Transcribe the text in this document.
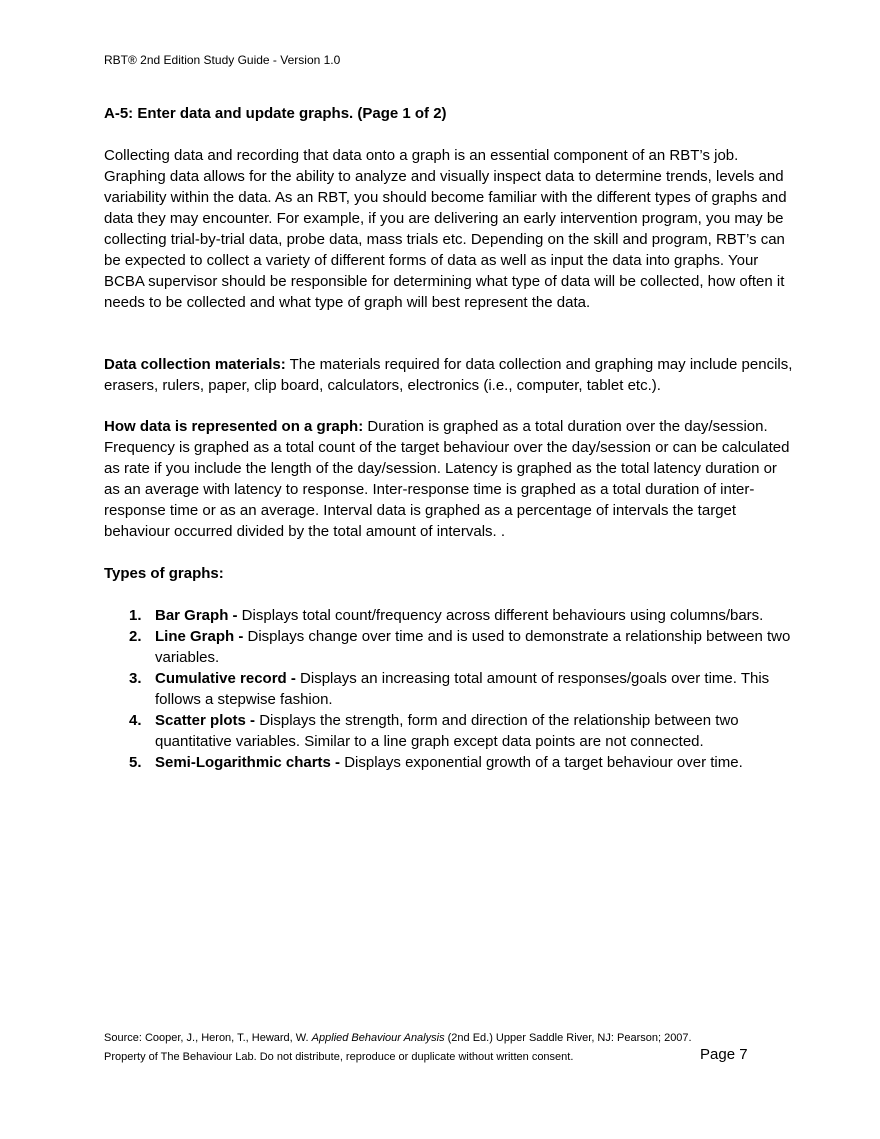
RBT® 2nd Edition Study Guide - Version 1.0
A-5: Enter data and update graphs. (Page 1 of 2)

Collecting data and recording that data onto a graph is an essential component of an RBT’s job. Graphing data allows for the ability to analyze and visually inspect data to determine trends, levels and variability within the data. As an RBT, you should become familiar with the different types of graphs and data they may encounter. For example, if you are delivering an early intervention program, you may be collecting trial-by-trial data, probe data, mass trials etc. Depending on the skill and program, RBT’s can be expected to collect a variety of different forms of data as well as input the data into graphs. Your BCBA supervisor should be responsible for determining what type of data will be collected, how often it needs to be collected and what type of graph will best represent the data.

Data collection materials: The materials required for data collection and graphing may include pencils, erasers, rulers, paper, clip board, calculators, electronics (i.e., computer, tablet etc.).

How data is represented on a graph: Duration is graphed as a total duration over the day/session. Frequency is graphed as a total count of the target behaviour over the day/session or can be calculated as rate if you include the length of the day/session. Latency is graphed as the total latency duration or as an average with latency to response. Inter-response time is graphed as a total duration of inter-response time or as an average. Interval data is graphed as a percentage of intervals the target behaviour occurred divided by the total amount of intervals. .

Types of graphs:
1. Bar Graph - Displays total count/frequency across different behaviours using columns/bars.
2. Line Graph - Displays change over time and is used to demonstrate a relationship between two variables.
3. Cumulative record - Displays an increasing total amount of responses/goals over time. This follows a stepwise fashion.
4. Scatter plots - Displays the strength, form and direction of the relationship between two quantitative variables. Similar to a line graph except data points are not connected.
5. Semi-Logarithmic charts - Displays exponential growth of a target behaviour over time.
Source: Cooper, J., Heron, T., Heward, W. Applied Behaviour Analysis (2nd Ed.) Upper Saddle River, NJ: Pearson; 2007.
Property of The Behaviour Lab. Do not distribute, reproduce or duplicate without written consent.	Page 7
